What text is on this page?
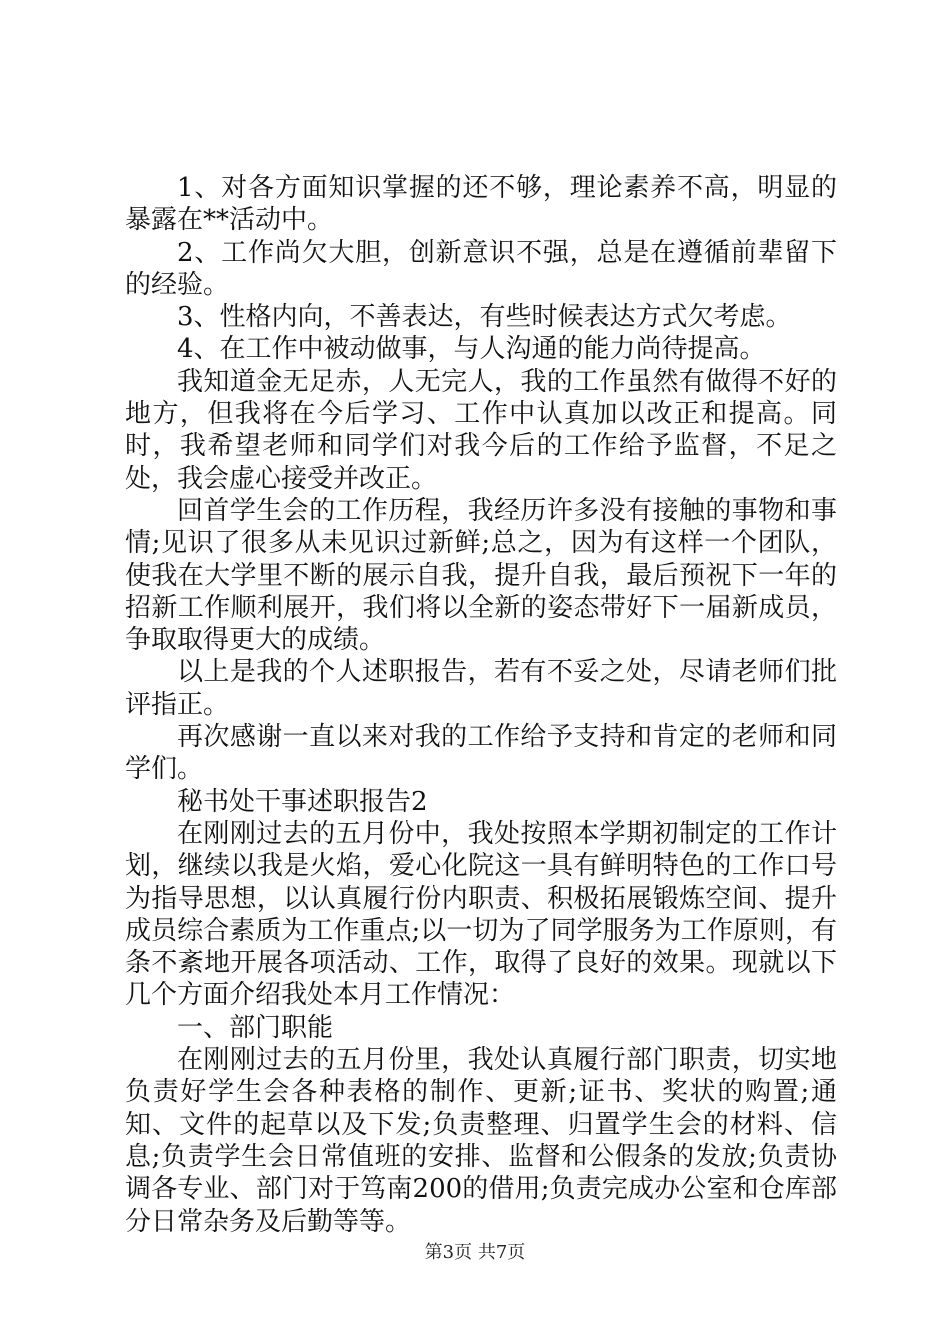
1、对各方面知识掌握的还不够，理论素养不高，明显的暴露在**活动中。

2、工作尚欠大胆，创新意识不强，总是在遵循前辈留下的经验。

3、性格内向，不善表达，有些时候表达方式欠考虑。

4、在工作中被动做事，与人沟通的能力尚待提高。

我知道金无足赤，人无完人，我的工作虽然有做得不好的地方，但我将在今后学习、工作中认真加以改正和提高。同时，我希望老师和同学们对我今后的工作给予监督，不足之处，我会虚心接受并改正。

回首学生会的工作历程，我经历许多没有接触的事物和事情;见识了很多从未见识过新鲜;总之，因为有这样一个团队，使我在大学里不断的展示自我，提升自我，最后预祝下一年的招新工作顺利展开，我们将以全新的姿态带好下一届新成员，争取取得更大的成绩。

以上是我的个人述职报告，若有不妥之处，尽请老师们批评指正。

再次感谢一直以来对我的工作给予支持和肯定的老师和同学们。

秘书处干事述职报告2

在刚刚过去的五月份中，我处按照本学期初制定的工作计划，继续以我是火焰，爱心化院这一具有鲜明特色的工作口号为指导思想，以认真履行份内职责、积极拓展锻炼空间、提升成员综合素质为工作重点;以一切为了同学服务为工作原则，有条不紊地开展各项活动、工作，取得了良好的效果。现就以下几个方面介绍我处本月工作情况：

一、部门职能

在刚刚过去的五月份里，我处认真履行部门职责，切实地负责好学生会各种表格的制作、更新;证书、奖状的购置;通知、文件的起草以及下发;负责整理、归置学生会的材料、信息;负责学生会日常值班的安排、监督和公假条的发放;负责协调各专业、部门对于笃南200的借用;负责完成办公室和仓库部分日常杂务及后勤等等。

第3页 共7页
